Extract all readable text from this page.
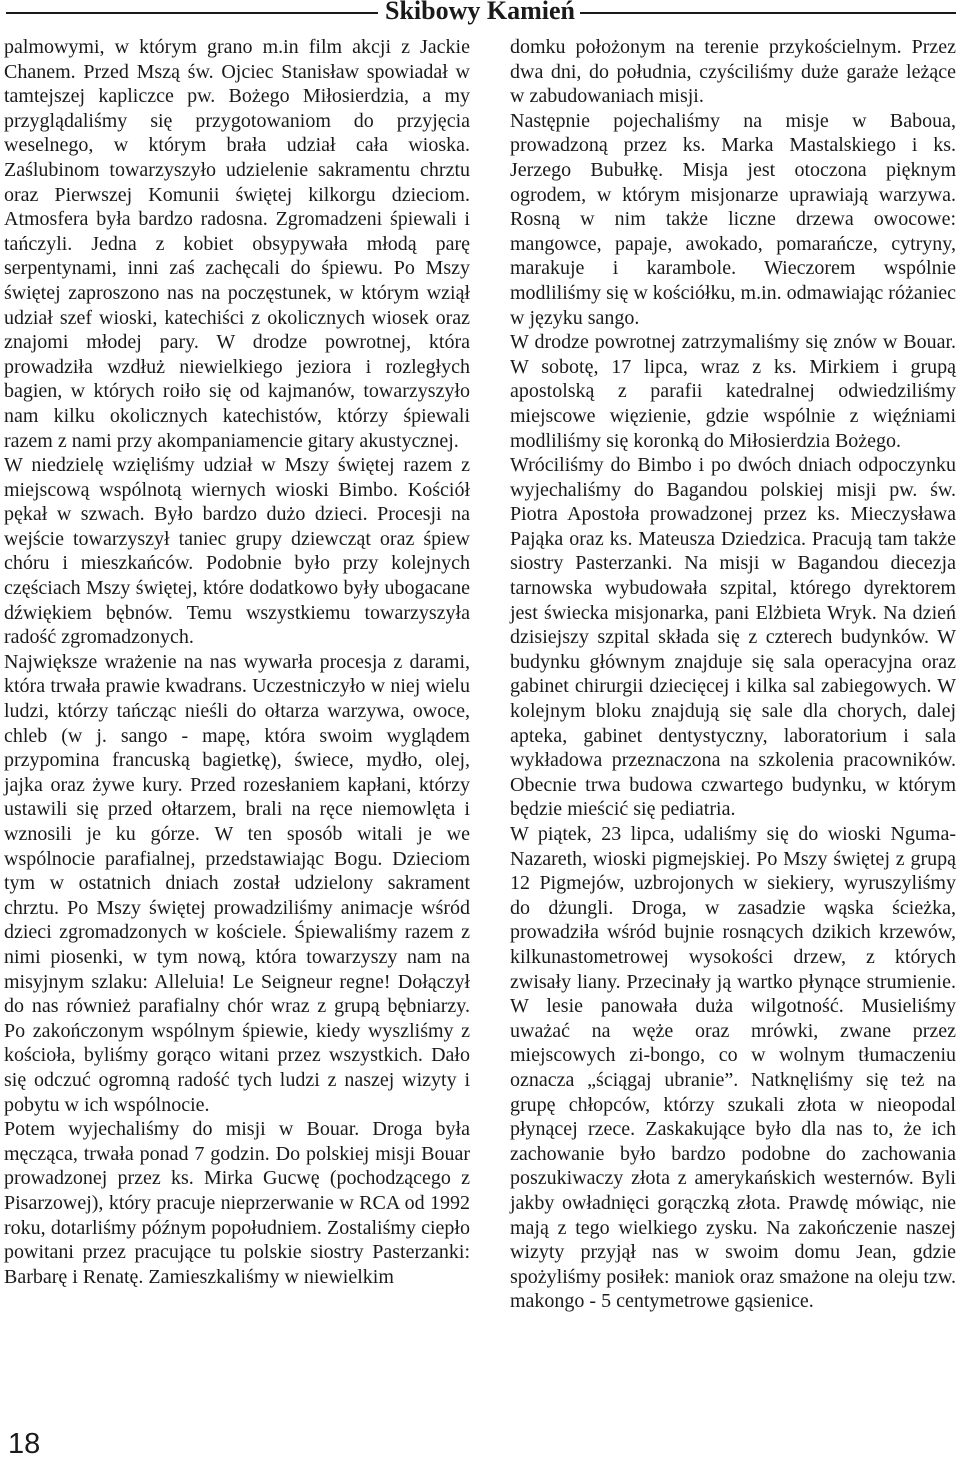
Skibowy Kamień

palmowymi, w którym grano m.in film akcji z Jackie Chanem. Przed Mszą św. Ojciec Stanisław spowiadał w tamtejszej kapliczce pw. Bożego Miłosierdzia, a my przyglądaliśmy się przygotowaniom do przyjęcia weselnego, w którym brała udział cała wioska. Zaślubinom towarzyszyło udzielenie sakramentu chrztu oraz Pierwszej Komunii świętej kilkorgu dzieciom. Atmosfera była bardzo radosna. Zgromadzeni śpiewali i tańczyli. Jedna z kobiet obsypywała młodą parę serpentynami, inni zaś zachęcali do śpiewu. Po Mszy świętej zaproszono nas na poczęstunek, w którym wziął udział szef wioski, katechiści z okolicznych wiosek oraz znajomi młodej pary. W drodze powrotnej, która prowadziła wzdłuż niewielkiego jeziora i rozległych bagien, w których roiło się od kajmanów, towarzyszyło nam kilku okolicznych katechistów, którzy śpiewali razem z nami przy akompaniamencie gitary akustycznej.

W niedzielę wzięliśmy udział w Mszy świętej razem z miejscową wspólnotą wiernych wioski Bimbo. Kościół pękał w szwach. Było bardzo dużo dzieci. Procesji na wejście towarzyszył taniec grupy dziewcząt oraz śpiew chóru i mieszkańców. Podobnie było przy kolejnych częściach Mszy świętej, które dodatkowo były ubogacane dźwiękiem bębnów. Temu wszystkiemu towarzyszyła radość zgromadzonych.

Największe wrażenie na nas wywarła procesja z darami, która trwała prawie kwadrans. Uczestniczyło w niej wielu ludzi, którzy tańcząc nieśli do ołtarza warzywa, owoce, chleb (w j. sango - mapę, która swoim wyglądem przypomina francuską bagietkę), świece, mydło, olej, jajka oraz żywe kury. Przed rozesłaniem kapłani, którzy ustawili się przed ołtarzem, brali na ręce niemowlęta i wznosili je ku górze. W ten sposób witali je we wspólnocie parafialnej, przedstawiając Bogu. Dzieciom tym w ostatnich dniach został udzielony sakrament chrztu. Po Mszy świętej prowadziliśmy animacje wśród dzieci zgromadzonych w kościele. Śpiewaliśmy razem z nimi piosenki, w tym nową, która towarzyszy nam na misyjnym szlaku: Alleluia! Le Seigneur regne! Dołączył do nas również parafialny chór wraz z grupą bębniarzy. Po zakończonym wspólnym śpiewie, kiedy wyszliśmy z kościoła, byliśmy gorąco witani przez wszystkich. Dało się odczuć ogromną radość tych ludzi z naszej wizyty i pobytu w ich wspólnocie.

Potem wyjechaliśmy do misji w Bouar. Droga była męcząca, trwała ponad 7 godzin. Do polskiej misji Bouar prowadzonej przez ks. Mirka Gucwę (pochodzącego z Pisarzowej), który pracuje nieprzerwanie w RCA od 1992 roku, dotarliśmy późnym popołudniem. Zostaliśmy ciepło powitani przez pracujące tu polskie siostry Pasterzanki: Barbarę i Renatę. Zamieszkaliśmy w niewielkim

domku położonym na terenie przykościelnym. Przez dwa dni, do południa, czyściliśmy duże garaże leżące w zabudowaniach misji.

Następnie pojechaliśmy na misje w Baboua, prowadzoną przez ks. Marka Mastalskiego i ks. Jerzego Bubułkę. Misja jest otoczona pięknym ogrodem, w którym misjonarze uprawiają warzywa. Rosną w nim także liczne drzewa owocowe: mangowce, papaje, awokado, pomarańcze, cytryny, marakuje i karambole. Wieczorem wspólnie modliliśmy się w kościółku, m.in. odmawiając różaniec w języku sango.

W drodze powrotnej zatrzymaliśmy się znów w Bouar. W sobotę, 17 lipca, wraz z ks. Mirkiem i grupą apostolską z parafii katedralnej odwiedziliśmy miejscowe więzienie, gdzie wspólnie z więźniami modliliśmy się koronką do Miłosierdzia Bożego.

Wróciliśmy do Bimbo i po dwóch dniach odpoczynku wyjechaliśmy do Bagandou polskiej misji pw. św. Piotra Apostoła prowadzonej przez ks. Mieczysława Pająka oraz ks. Mateusza Dziedzica. Pracują tam także siostry Pasterzanki. Na misji w Bagandou diecezja tarnowska wybudowała szpital, którego dyrektorem jest świecka misjonarka, pani Elżbieta Wryk. Na dzień dzisiejszy szpital składa się z czterech budynków. W budynku głównym znajduje się sala operacyjna oraz gabinet chirurgii dziecięcej i kilka sal zabiegowych. W kolejnym bloku znajdują się sale dla chorych, dalej apteka, gabinet dentystyczny, laboratorium i sala wykładowa przeznaczona na szkolenia pracowników. Obecnie trwa budowa czwartego budynku, w którym będzie mieścić się pediatria.

W piątek, 23 lipca, udaliśmy się do wioski Nguma-Nazareth, wioski pigmejskiej. Po Mszy świętej z grupą 12 Pigmejów, uzbrojonych w siekiery, wyruszyliśmy do dżungli. Droga, w zasadzie wąska ścieżka, prowadziła wśród bujnie rosnących dzikich krzewów, kilkunastometrowej wysokości drzew, z których zwisały liany. Przecinały ją wartko płynące strumienie. W lesie panowała duża wilgotność. Musieliśmy uważać na węże oraz mrówki, zwane przez miejscowych zi-bongo, co w wolnym tłumaczeniu oznacza „ściągaj ubranie”. Natknęliśmy się też na grupę chłopców, którzy szukali złota w nieopodal płynącej rzece. Zaskakujące było dla nas to, że ich zachowanie było bardzo podobne do zachowania poszukiwaczy złota z amerykańskich westernów. Byli jakby owładnięci gorączką złota. Prawdę mówiąc, nie mają z tego wielkiego zysku. Na zakończenie naszej wizyty przyjął nas w swoim domu Jean, gdzie spożyliśmy posiłek: maniok oraz smażone na oleju tzw. makongo - 5 centymetrowe gąsienice.

18
